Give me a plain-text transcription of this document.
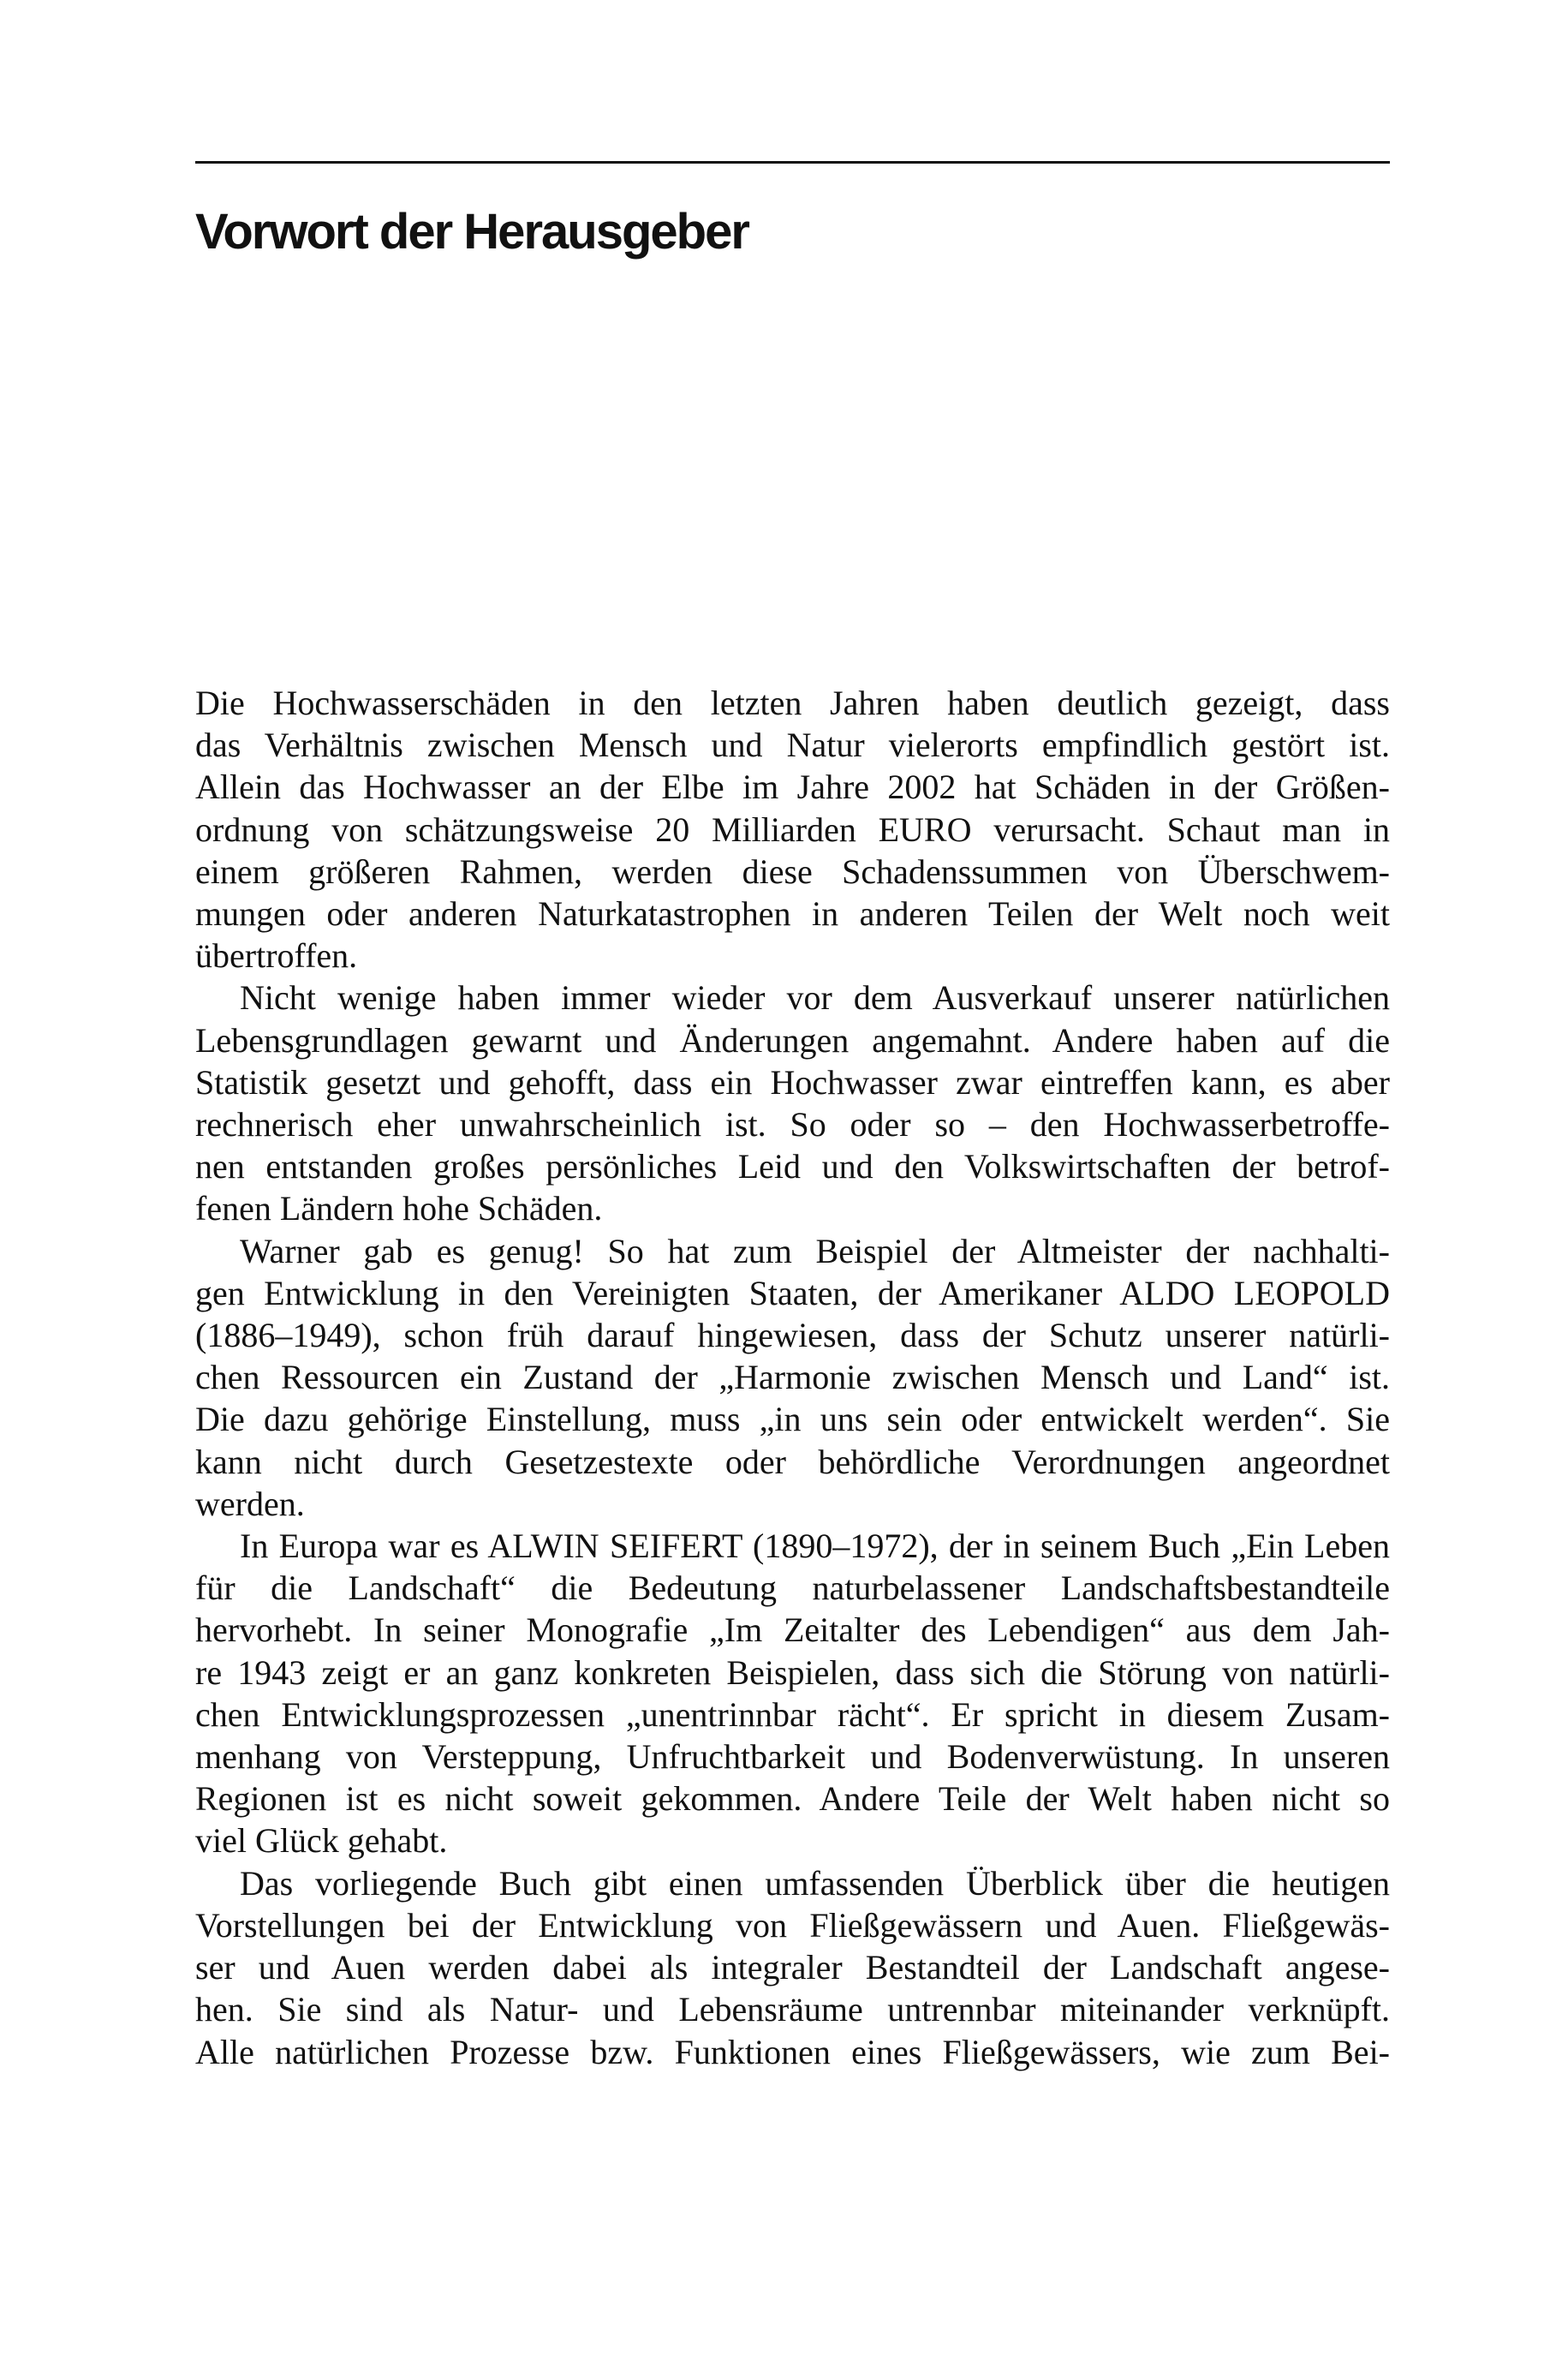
Vorwort der Herausgeber

Die Hochwasserschäden in den letzten Jahren haben deutlich gezeigt, dass
das Verhältnis zwischen Mensch und Natur vielerorts empfindlich gestört ist.
Allein das Hochwasser an der Elbe im Jahre 2002 hat Schäden in der Größen-
ordnung von schätzungsweise 20 Milliarden EURO verursacht. Schaut man in
einem größeren Rahmen, werden diese Schadenssummen von Überschwem-
mungen oder anderen Naturkatastrophen in anderen Teilen der Welt noch weit
übertroffen.

Nicht wenige haben immer wieder vor dem Ausverkauf unserer natürlichen
Lebensgrundlagen gewarnt und Änderungen angemahnt. Andere haben auf die
Statistik gesetzt und gehofft, dass ein Hochwasser zwar eintreffen kann, es aber
rechnerisch eher unwahrscheinlich ist. So oder so – den Hochwasserbetroffe-
nen entstanden großes persönliches Leid und den Volkswirtschaften der betrof-
fenen Ländern hohe Schäden.

Warner gab es genug! So hat zum Beispiel der Altmeister der nachhalti-
gen Entwicklung in den Vereinigten Staaten, der Amerikaner ALDO LEOPOLD
(1886–1949), schon früh darauf hingewiesen, dass der Schutz unserer natürli-
chen Ressourcen ein Zustand der „Harmonie zwischen Mensch und Land“ ist.
Die dazu gehörige Einstellung, muss „in uns sein oder entwickelt werden“. Sie
kann nicht durch Gesetzestexte oder behördliche Verordnungen angeordnet
werden.

In Europa war es ALWIN SEIFERT (1890–1972), der in seinem Buch „Ein Leben
für die Landschaft“ die Bedeutung naturbelassener Landschaftsbestandteile
hervorhebt. In seiner Monografie „Im Zeitalter des Lebendigen“ aus dem Jah-
re 1943 zeigt er an ganz konkreten Beispielen, dass sich die Störung von natürli-
chen Entwicklungsprozessen „unentrinnbar rächt“. Er spricht in diesem Zusam-
menhang von Versteppung, Unfruchtbarkeit und Bodenverwüstung. In unseren
Regionen ist es nicht soweit gekommen. Andere Teile der Welt haben nicht so
viel Glück gehabt.

Das vorliegende Buch gibt einen umfassenden Überblick über die heutigen
Vorstellungen bei der Entwicklung von Fließgewässern und Auen. Fließgewäs-
ser und Auen werden dabei als integraler Bestandteil der Landschaft angese-
hen. Sie sind als Natur- und Lebensräume untrennbar miteinander verknüpft.
Alle natürlichen Prozesse bzw. Funktionen eines Fließgewässers, wie zum Bei-
